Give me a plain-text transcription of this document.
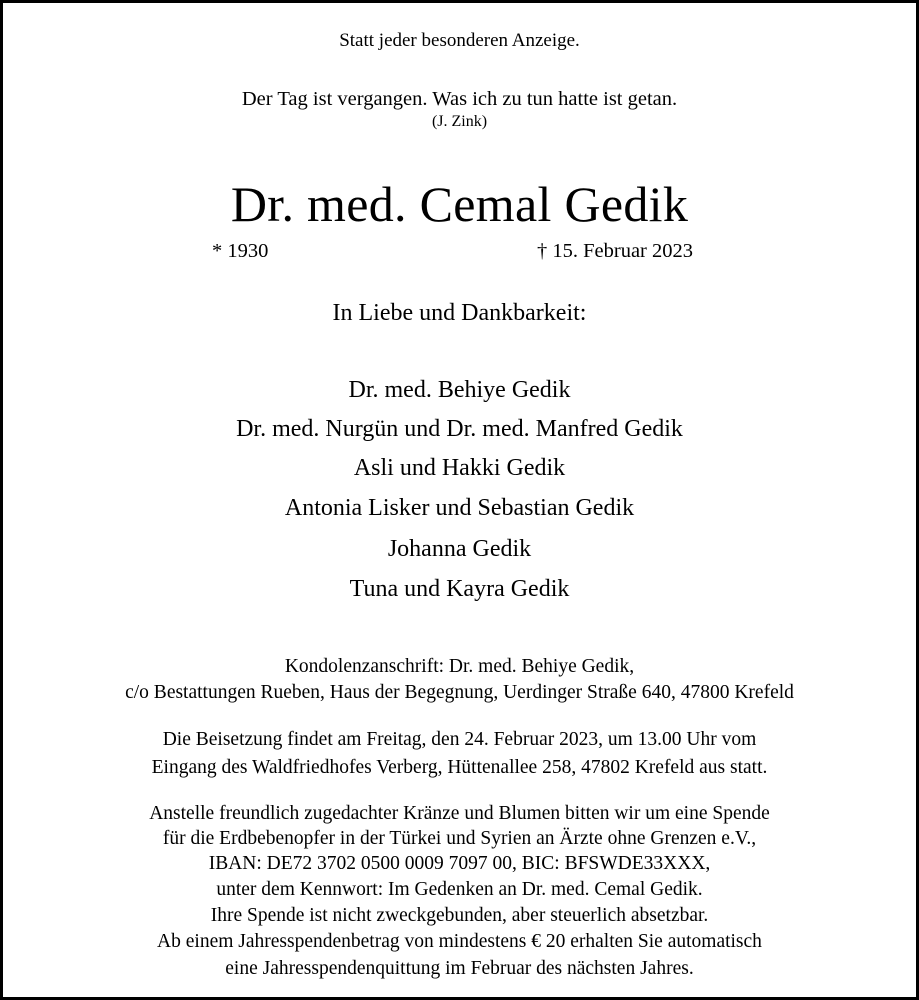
Statt jeder besonderen Anzeige.
Der Tag ist vergangen. Was ich zu tun hatte ist getan.
(J. Zink)
Dr. med. Cemal Gedik
* 1930	† 15. Februar 2023
In Liebe und Dankbarkeit:
Dr. med. Behiye Gedik
Dr. med. Nurgün und Dr. med. Manfred Gedik
Asli und Hakki Gedik
Antonia Lisker und Sebastian Gedik
Johanna Gedik
Tuna und Kayra Gedik
Kondolenzanschrift: Dr. med. Behiye Gedik,
c/o Bestattungen Rueben, Haus der Begegnung, Uerdinger Straße 640, 47800 Krefeld
Die Beisetzung findet am Freitag, den 24. Februar 2023, um 13.00 Uhr vom
Eingang des Waldfriedhofes Verberg, Hüttenallee 258, 47802 Krefeld aus statt.
Anstelle freundlich zugedachter Kränze und Blumen bitten wir um eine Spende
für die Erdbebenopfer in der Türkei und Syrien an Ärzte ohne Grenzen e.V.,
IBAN: DE72 3702 0500 0009 7097 00, BIC: BFSWDE33XXX,
unter dem Kennwort: Im Gedenken an Dr. med. Cemal Gedik.
Ihre Spende ist nicht zweckgebunden, aber steuerlich absetzbar.
Ab einem Jahresspendenbetrag von mindestens € 20 erhalten Sie automatisch
eine Jahresspendenquittung im Februar des nächsten Jahres.
